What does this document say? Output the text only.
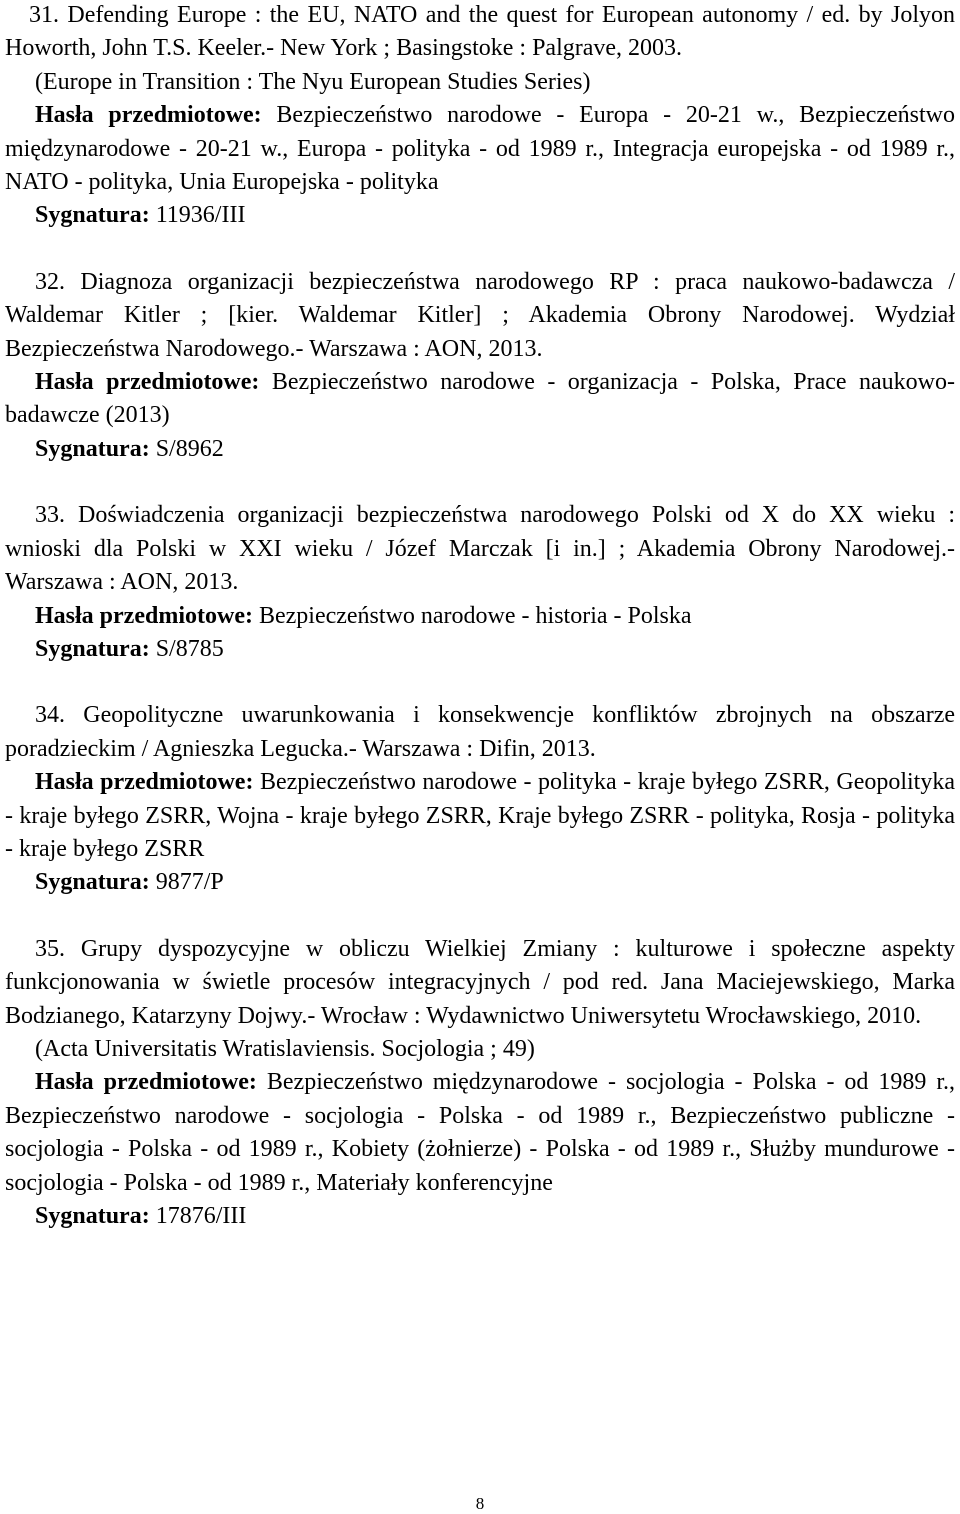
31. Defending Europe : the EU, NATO and the quest for European autonomy / ed. by Jolyon Howorth, John T.S. Keeler.- New York ; Basingstoke : Palgrave, 2003.

(Europe in Transition : The Nyu European Studies Series)

Hasła przedmiotowe: Bezpieczeństwo narodowe - Europa - 20-21 w., Bezpieczeństwo międzynarodowe - 20-21 w., Europa - polityka - od 1989 r., Integracja europejska - od 1989 r., NATO - polityka, Unia Europejska - polityka

Sygnatura: 11936/III

32. Diagnoza organizacji bezpieczeństwa narodowego RP : praca naukowo-badawcza / Waldemar Kitler ; [kier. Waldemar Kitler] ; Akademia Obrony Narodowej. Wydział Bezpieczeństwa Narodowego.- Warszawa : AON, 2013.

Hasła przedmiotowe: Bezpieczeństwo narodowe - organizacja - Polska, Prace naukowo-badawcze (2013)

Sygnatura: S/8962

33. Doświadczenia organizacji bezpieczeństwa narodowego Polski od X do XX wieku : wnioski dla Polski w XXI wieku / Józef Marczak [i in.] ; Akademia Obrony Narodowej.- Warszawa : AON, 2013.

Hasła przedmiotowe: Bezpieczeństwo narodowe - historia - Polska

Sygnatura: S/8785

34. Geopolityczne uwarunkowania i konsekwencje konfliktów zbrojnych na obszarze poradzieckim / Agnieszka Legucka.- Warszawa : Difin, 2013.

Hasła przedmiotowe: Bezpieczeństwo narodowe - polityka - kraje byłego ZSRR, Geopolityka - kraje byłego ZSRR, Wojna - kraje byłego ZSRR, Kraje byłego ZSRR - polityka, Rosja - polityka - kraje byłego ZSRR

Sygnatura: 9877/P

35. Grupy dyspozycyjne w obliczu Wielkiej Zmiany : kulturowe i społeczne aspekty funkcjonowania w świetle procesów integracyjnych / pod red. Jana Maciejewskiego, Marka Bodzianego, Katarzyny Dojwy.- Wrocław : Wydawnictwo Uniwersytetu Wrocławskiego, 2010.

(Acta Universitatis Wratislaviensis. Socjologia ; 49)

Hasła przedmiotowe: Bezpieczeństwo międzynarodowe - socjologia - Polska - od 1989 r., Bezpieczeństwo narodowe - socjologia - Polska - od 1989 r., Bezpieczeństwo publiczne - socjologia - Polska - od 1989 r., Kobiety (żołnierze) - Polska - od 1989 r., Służby mundurowe - socjologia - Polska - od 1989 r., Materiały konferencyjne

Sygnatura: 17876/III

8
